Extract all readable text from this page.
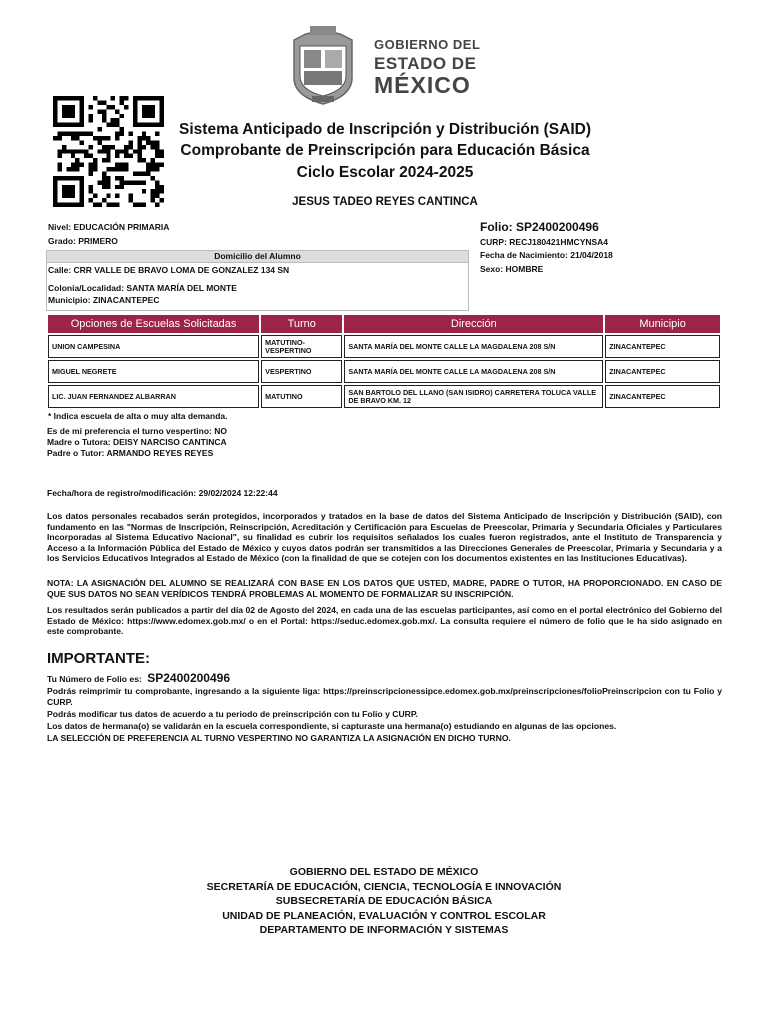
GOBIERNO DEL
ESTADO DE
MÉXICO
Sistema Anticipado de Inscripción y Distribución (SAID)
Comprobante de Preinscripción para Educación Básica
Ciclo Escolar 2024-2025
JESUS TADEO REYES CANTINCA
Nivel: EDUCACIÓN PRIMARIA
Grado: PRIMERO
Folio: SP2400200496
CURP: RECJ180421HMCYNSA4
Fecha de Nacimiento: 21/04/2018
Sexo: HOMBRE
Domicilio del Alumno
Calle: CRR VALLE DE BRAVO LOMA DE GONZALEZ 134 SN
Colonia/Localidad: SANTA MARÍA DEL MONTE
Municipio: ZINACANTEPEC
Opciones de Escuelas Solicitadas	Turno	Dirección	Municipio
UNION CAMPESINA	MATUTINO-VESPERTINO	SANTA MARÍA DEL MONTE CALLE LA MAGDALENA 208 S/N	ZINACANTEPEC
MIGUEL NEGRETE	VESPERTINO	SANTA MARÍA DEL MONTE CALLE LA MAGDALENA 208 S/N	ZINACANTEPEC
LIC. JUAN FERNANDEZ ALBARRAN	MATUTINO	SAN BARTOLO DEL LLANO (SAN ISIDRO) CARRETERA TOLUCA VALLE DE BRAVO KM. 12	ZINACANTEPEC
* Indica escuela de alta o muy alta demanda.
Es de mi preferencia el turno vespertino: NO
Madre o Tutora: DEISY NARCISO CANTINCA
Padre o Tutor: ARMANDO REYES REYES
Fecha/hora de registro/modificación: 29/02/2024 12:22:44
Los datos personales recabados serán protegidos, incorporados y tratados en la base de datos del Sistema Anticipado de Inscripción y Distribución (SAID), con fundamento en las "Normas de Inscripción, Reinscripción, Acreditación y Certificación para Escuelas de Preescolar, Primaria y Secundaria Oficiales y Particulares Incorporadas al Sistema Educativo Nacional", su finalidad es cubrir los requisitos señalados los cuales fueron registrados, ante el Instituto de Transparencia y Acceso a la Información Pública del Estado de México y cuyos datos podrán ser transmitidos a las Direcciones Generales de Preescolar, Primaria y Secundaria y a los Servicios Educativos Integrados al Estado de México (con la finalidad de que se cotejen con los documentos existentes en las Instituciones Educativas).
NOTA: LA ASIGNACIÓN DEL ALUMNO SE REALIZARÁ CON BASE EN LOS DATOS QUE USTED, MADRE, PADRE O TUTOR, HA PROPORCIONADO. EN CASO DE QUE SUS DATOS NO SEAN VERÍDICOS TENDRÁ PROBLEMAS AL MOMENTO DE FORMALIZAR SU INSCRIPCIÓN.
Los resultados serán publicados a partir del día 02 de Agosto del 2024, en cada una de las escuelas participantes, así como en el portal electrónico del Gobierno del Estado de México: https://www.edomex.gob.mx/ o en el Portal: https://seduc.edomex.gob.mx/. La consulta requiere el número de folio que le ha sido asignado en este comprobante.
IMPORTANTE:
Tu Número de Folio es: SP2400200496
Podrás reimprimir tu comprobante, ingresando a la siguiente liga: https://preinscripcionessipce.edomex.gob.mx/preinscripciones/folioPreinscripcion con tu Folio y CURP.
Podrás modificar tus datos de acuerdo a tu periodo de preinscripción con tu Folio y CURP.
Los datos de hermana(o) se validarán en la escuela correspondiente, si capturaste una hermana(o) estudiando en algunas de las opciones.
LA SELECCIÓN DE PREFERENCIA AL TURNO VESPERTINO NO GARANTIZA LA ASIGNACIÓN EN DICHO TURNO.
GOBIERNO DEL ESTADO DE MÉXICO
SECRETARÍA DE EDUCACIÓN, CIENCIA, TECNOLOGÍA E INNOVACIÓN
SUBSECRETARÍA DE EDUCACIÓN BÁSICA
UNIDAD DE PLANEACIÓN, EVALUACIÓN Y CONTROL ESCOLAR
DEPARTAMENTO DE INFORMACIÓN Y SISTEMAS
